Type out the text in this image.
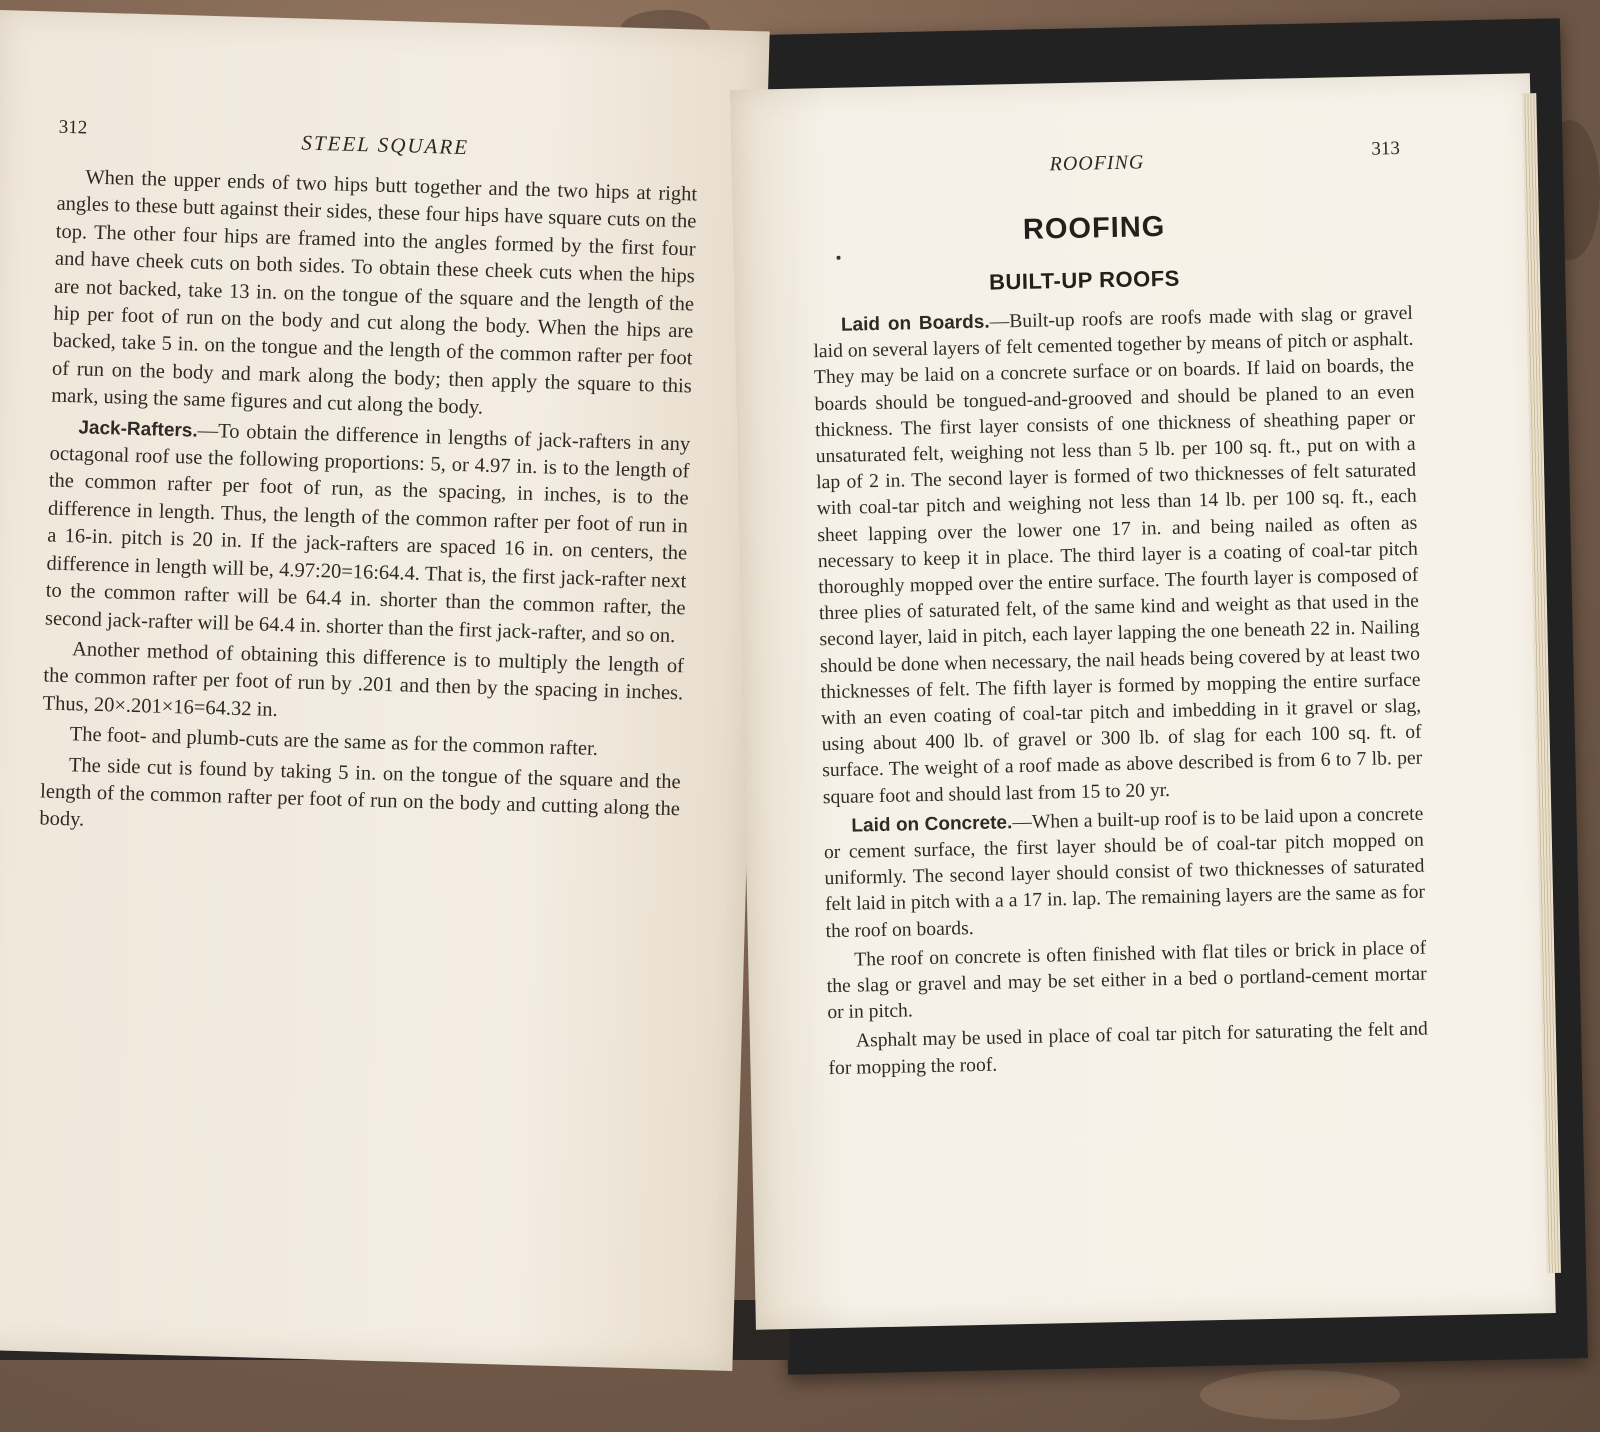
312
STEEL SQUARE

When the upper ends of two hips butt together and the two hips at right angles to these butt against their sides, these four hips have square cuts on the top. The other four hips are framed into the angles formed by the first four and have cheek cuts on both sides. To obtain these cheek cuts when the hips are not backed, take 13 in. on the tongue of the square and the length of the hip per foot of run on the body and cut along the body. When the hips are backed, take 5 in. on the tongue and the length of the common rafter per foot of run on the body and mark along the body; then apply the square to this mark, using the same figures and cut along the body.

Jack-Rafters.—To obtain the difference in lengths of jack-rafters in any octagonal roof use the following proportions: 5, or 4.97 in. is to the length of the common rafter per foot of run, as the spacing, in inches, is to the difference in length. Thus, the length of the common rafter per foot of run in a 16-in. pitch is 20 in. If the jack-rafters are spaced 16 in. on centers, the difference in length will be, 4.97:20=16:64.4. That is, the first jack-rafter next to the common rafter will be 64.4 in. shorter than the common rafter, the second jack-rafter will be 64.4 in. shorter than the first jack-rafter, and so on.

Another method of obtaining this difference is to multiply the length of the common rafter per foot of run by .201 and then by the spacing in inches. Thus, 20×.201×16=64.32 in.

The foot- and plumb-cuts are the same as for the common rafter.

The side cut is found by taking 5 in. on the tongue of the square and the length of the common rafter per foot of run on the body and cutting along the body.

ROOFING
313
ROOFING
BUILT-UP ROOFS

Laid on Boards.—Built-up roofs are roofs made with slag or gravel laid on several layers of felt cemented together by means of pitch or asphalt. They may be laid on a concrete surface or on boards. If laid on boards, the boards should be tongued-and-grooved and should be planed to an even thickness. The first layer consists of one thickness of sheathing paper or unsaturated felt, weighing not less than 5 lb. per 100 sq. ft., put on with a lap of 2 in. The second layer is formed of two thicknesses of felt saturated with coal-tar pitch and weighing not less than 14 lb. per 100 sq. ft., each sheet lapping over the lower one 17 in. and being nailed as often as necessary to keep it in place. The third layer is a coating of coal-tar pitch thoroughly mopped over the entire surface. The fourth layer is composed of three plies of saturated felt, of the same kind and weight as that used in the second layer, laid in pitch, each layer lapping the one beneath 22 in. Nailing should be done when necessary, the nail heads being covered by at least two thicknesses of felt. The fifth layer is formed by mopping the entire surface with an even coating of coal-tar pitch and imbedding in it gravel or slag, using about 400 lb. of gravel or 300 lb. of slag for each 100 sq. ft. of surface. The weight of a roof made as above described is from 6 to 7 lb. per square foot and should last from 15 to 20 yr.

Laid on Concrete.—When a built-up roof is to be laid upon a concrete or cement surface, the first layer should be of coal-tar pitch mopped on uniformly. The second layer should consist of two thicknesses of saturated felt laid in pitch with a a 17 in. lap. The remaining layers are the same as for the roof on boards.

The roof on concrete is often finished with flat tiles or brick in place of the slag or gravel and may be set either in a bed o portland-cement mortar or in pitch.

Asphalt may be used in place of coal tar pitch for saturating the felt and for mopping the roof.
